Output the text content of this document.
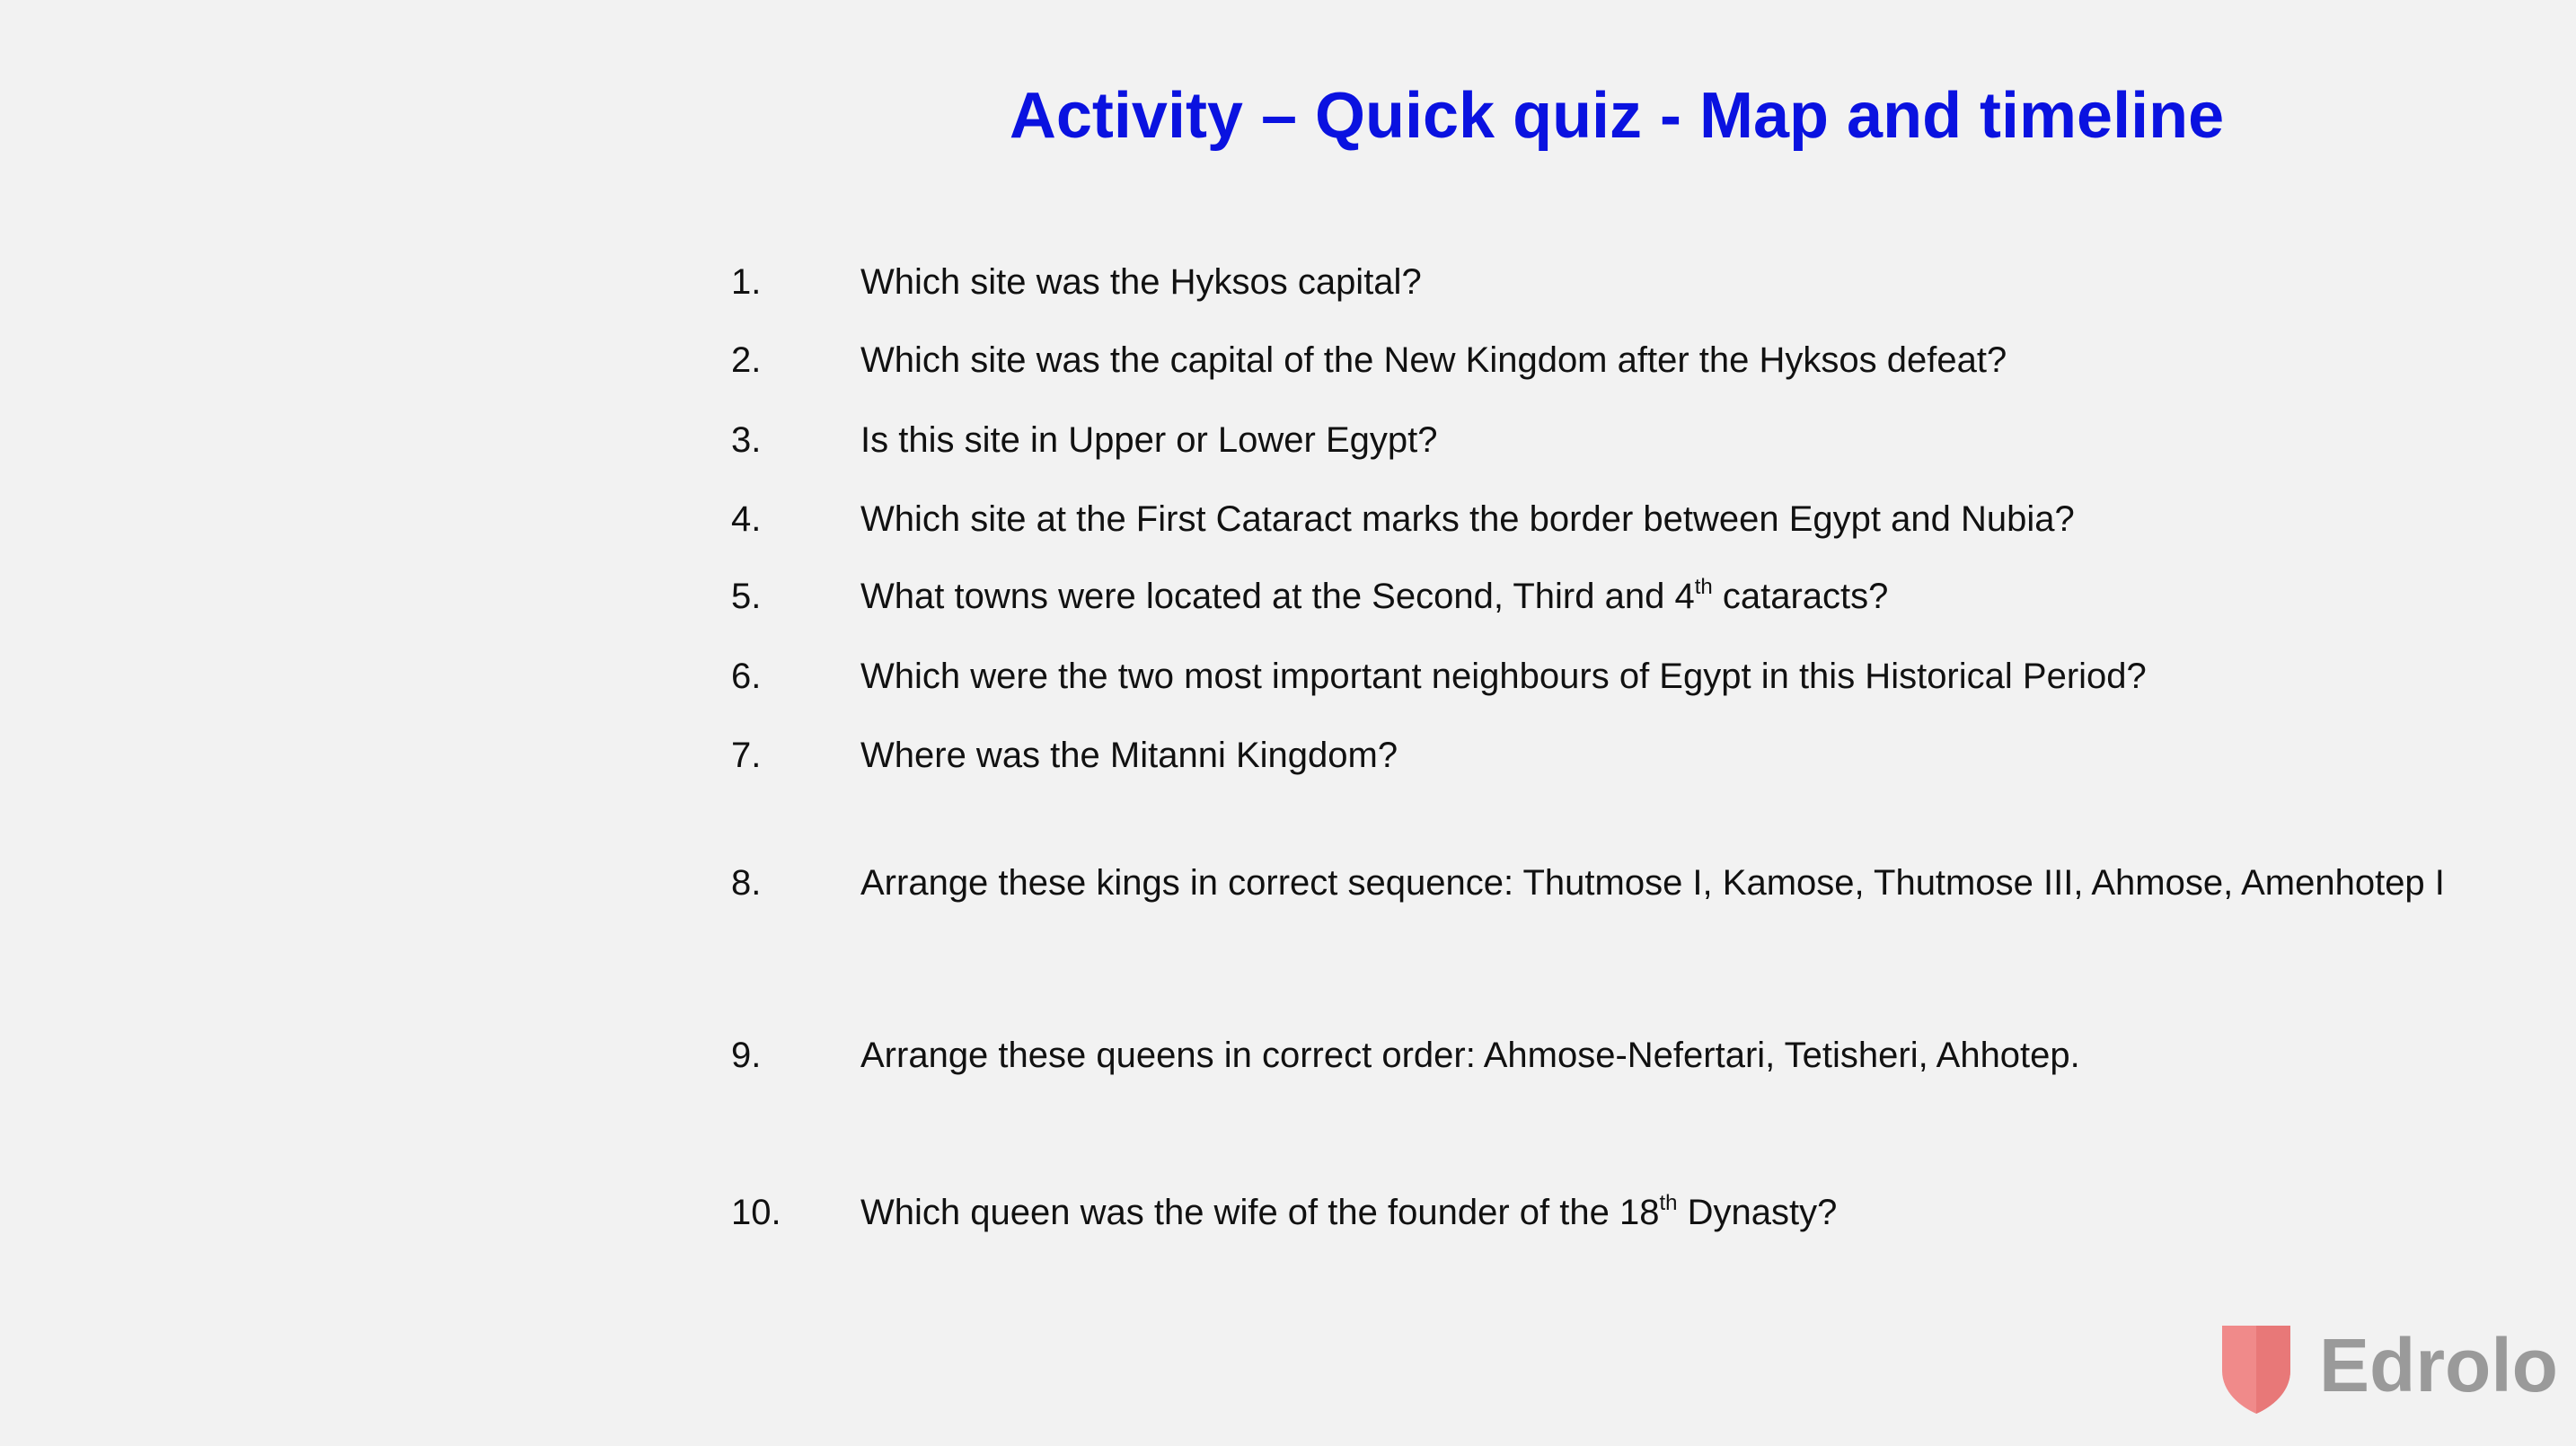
Activity – Quick quiz - Map and timeline
1.	Which site was the Hyksos capital?
2.	Which site was the capital of the New Kingdom after the Hyksos defeat?
3.	Is this site in Upper or Lower Egypt?
4.	Which site at the First Cataract marks the border between Egypt and Nubia?
5.	What towns were located at the Second, Third and 4th cataracts?
6.	Which were the two most important neighbours of Egypt in this Historical Period?
7.	Where was the Mitanni Kingdom?
8.	Arrange these kings in correct sequence: Thutmose I, Kamose, Thutmose III, Ahmose, Amenhotep I
9.	Arrange these queens in correct order: Ahmose-Nefertari, Tetisheri, Ahhotep.
10. Which queen was the wife of the founder of the 18th Dynasty?
Edrolo
